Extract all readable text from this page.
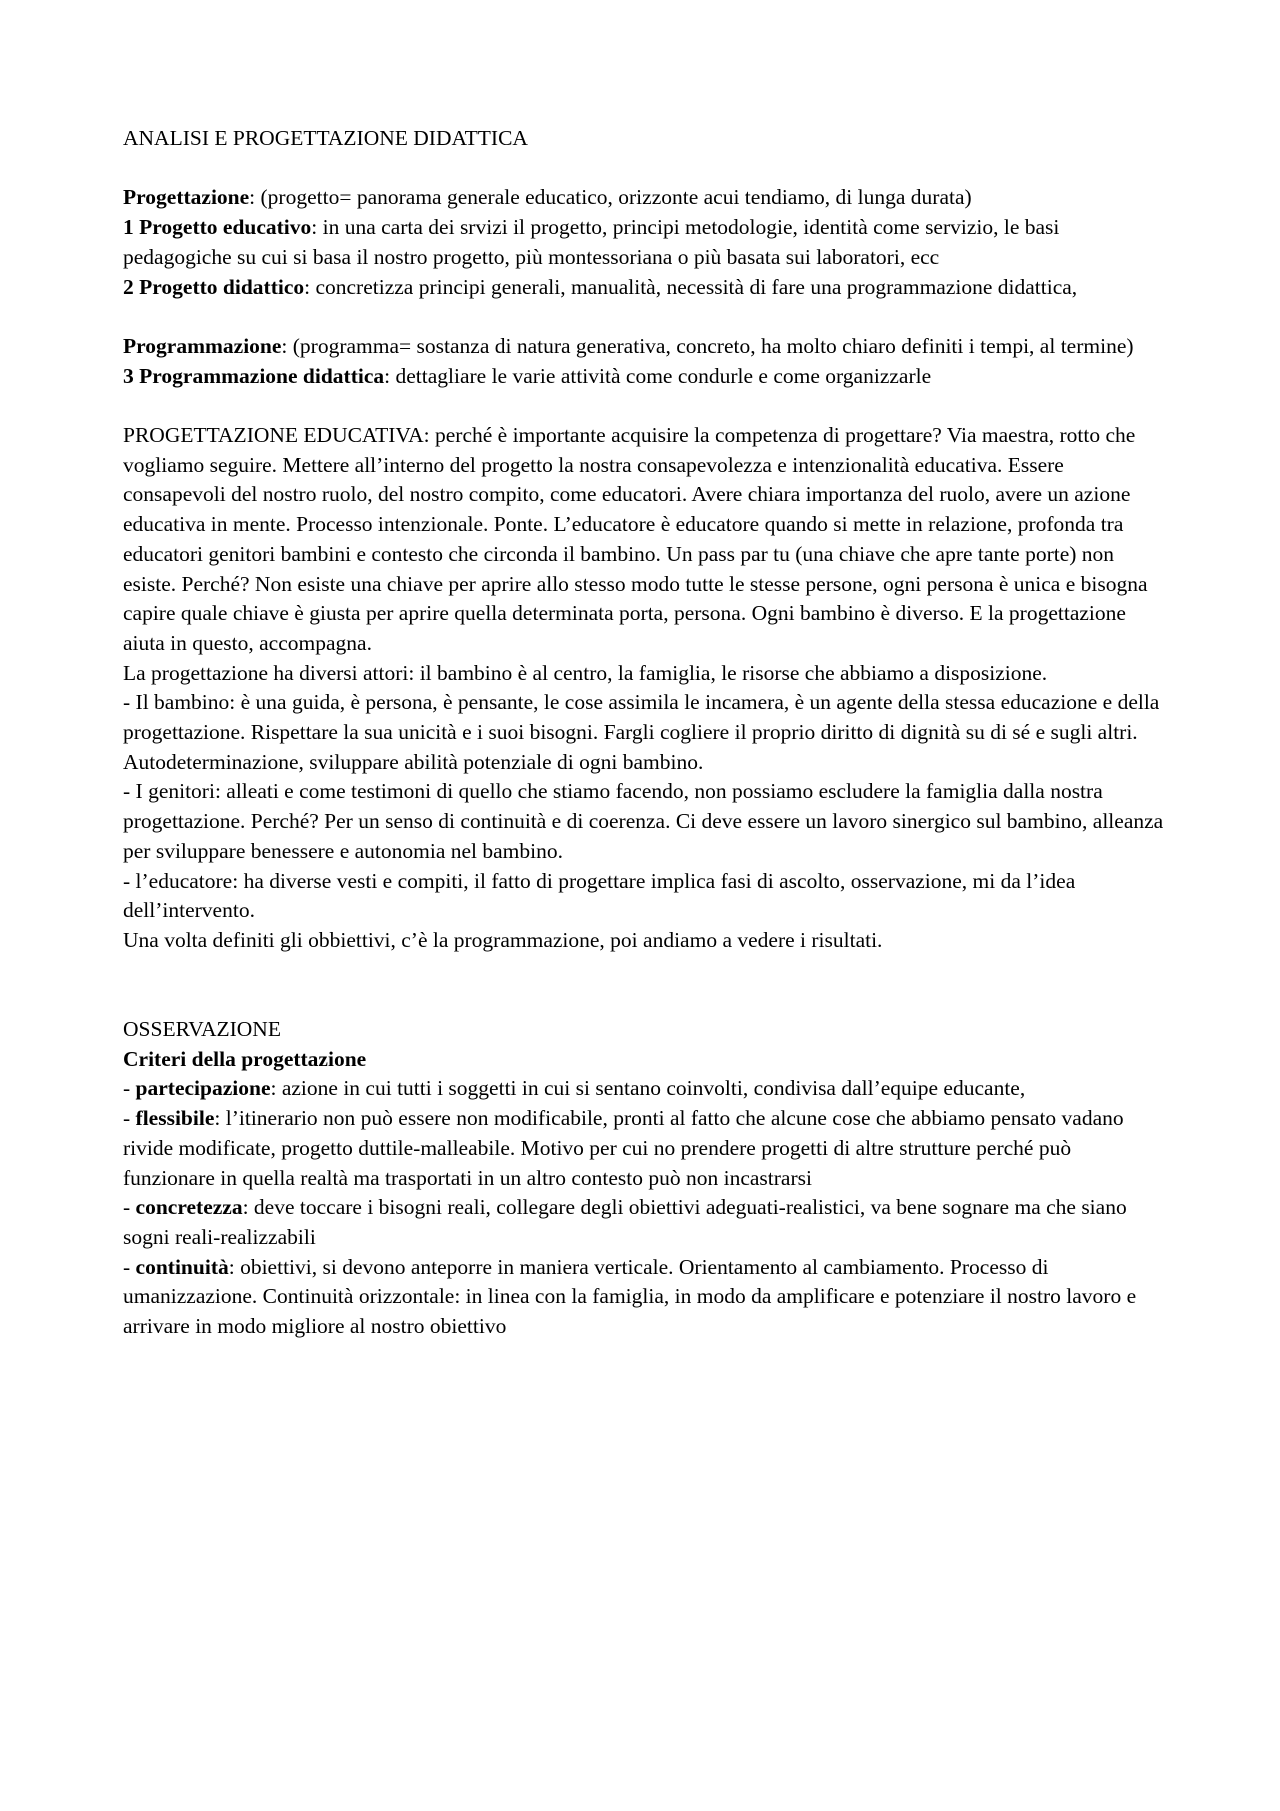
ANALISI E PROGETTAZIONE DIDATTICA

Progettazione: (progetto= panorama generale educatico, orizzonte acui tendiamo, di lunga durata)

1 Progetto educativo: in una carta dei srvizi il progetto, principi metodologie, identità come servizio, le basi pedagogiche su cui si basa il nostro progetto, più montessoriana o più basata sui laboratori, ecc

2 Progetto didattico: concretizza principi generali, manualità, necessità di fare una programmazione didattica,

Programmazione: (programma= sostanza di natura generativa, concreto, ha molto chiaro definiti i tempi, al termine)

3 Programmazione didattica: dettagliare le varie attività come condurle e come organizzarle

PROGETTAZIONE EDUCATIVA: perché è importante acquisire la competenza di progettare? Via maestra, rotto che vogliamo seguire. Mettere all’interno del progetto la nostra consapevolezza e intenzionalità educativa. Essere consapevoli del nostro ruolo, del nostro compito, come educatori. Avere chiara importanza del ruolo, avere un azione educativa in mente. Processo intenzionale. Ponte. L’educatore è educatore quando si mette in relazione, profonda tra educatori genitori bambini e contesto che circonda il bambino. Un pass par tu (una chiave che apre tante porte) non esiste. Perché? Non esiste una chiave per aprire allo stesso modo tutte le stesse persone, ogni persona è unica e bisogna capire quale chiave è giusta per aprire quella determinata porta, persona. Ogni bambino è diverso. E la progettazione aiuta in questo, accompagna.

La progettazione ha diversi attori: il bambino è al centro, la famiglia, le risorse che abbiamo a disposizione.

- Il bambino: è una guida, è persona, è pensante, le cose assimila le incamera, è un agente della stessa educazione e della progettazione. Rispettare la sua unicità e i suoi bisogni. Fargli cogliere il proprio diritto di dignità su di sé e sugli altri. Autodeterminazione, sviluppare abilità potenziale di ogni bambino.

- I genitori: alleati e come testimoni di quello che stiamo facendo, non possiamo escludere la famiglia dalla nostra progettazione. Perché? Per un senso di continuità e di coerenza. Ci deve essere un lavoro sinergico sul bambino, alleanza per sviluppare benessere e autonomia nel bambino.

- l’educatore: ha diverse vesti e compiti, il fatto di progettare implica fasi di ascolto, osservazione, mi da l’idea dell’intervento.

Una volta definiti gli obbiettivi, c’è la programmazione, poi andiamo a vedere i risultati.

OSSERVAZIONE

Criteri della progettazione

- partecipazione: azione in cui tutti i soggetti in cui si sentano coinvolti, condivisa dall’equipe educante,

- flessibile: l’itinerario non può essere non modificabile, pronti al fatto che alcune cose che abbiamo pensato vadano rivide modificate, progetto duttile-malleabile. Motivo per cui no prendere progetti di altre strutture perché può funzionare in quella realtà ma trasportati in un altro contesto può non incastrarsi

- concretezza: deve toccare i bisogni reali, collegare degli obiettivi adeguati-realistici, va bene sognare ma che siano sogni reali-realizzabili

- continuità: obiettivi, si devono anteporre in maniera verticale. Orientamento al cambiamento. Processo di umanizzazione. Continuità orizzontale: in linea con la famiglia, in modo da amplificare e potenziare il nostro lavoro e arrivare in modo migliore al nostro obiettivo
